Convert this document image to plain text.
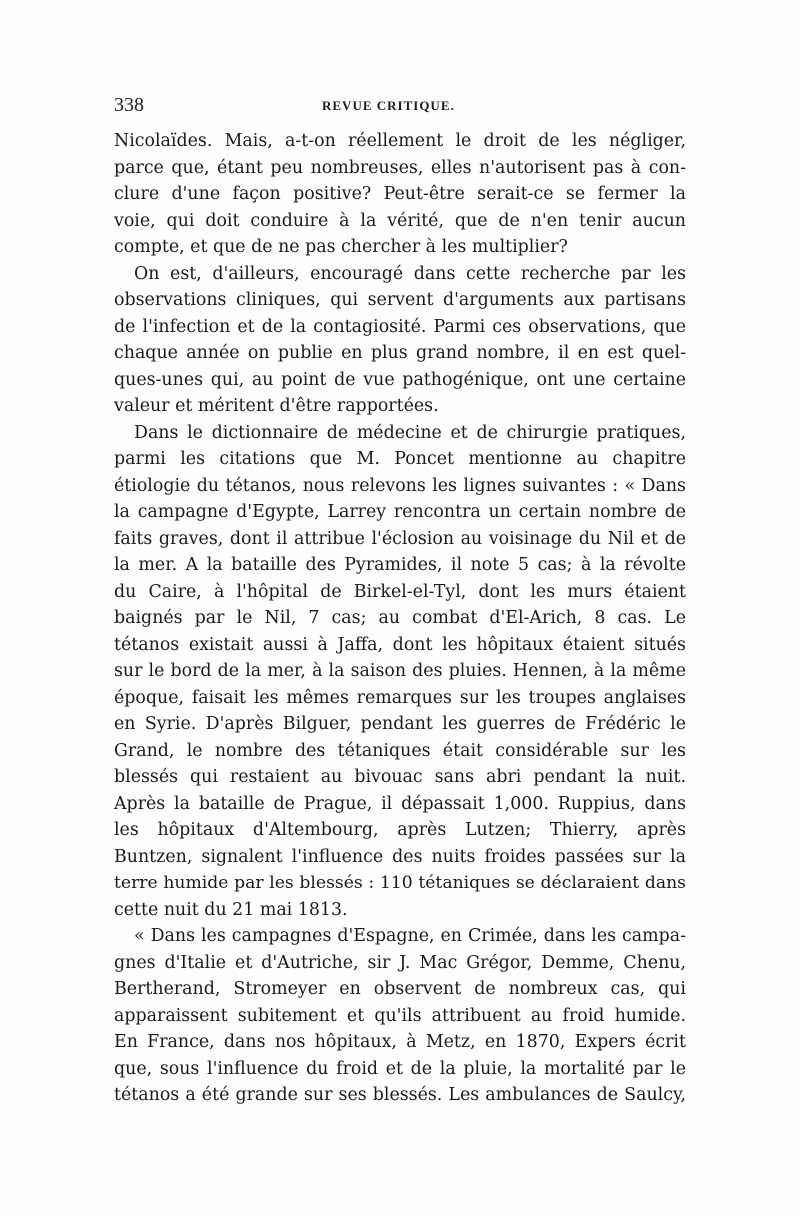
338	REVUE CRITIQUE.
Nicolaïdes. Mais, a-t-on réellement le droit de les négliger,
parce que, étant peu nombreuses, elles n'autorisent pas à con-
clure d'une façon positive? Peut-être serait-ce se fermer la
voie, qui doit conduire à la vérité, que de n'en tenir aucun
compte, et que de ne pas chercher à les multiplier?
On est, d'ailleurs, encouragé dans cette recherche par les
observations cliniques, qui servent d'arguments aux partisans
de l'infection et de la contagiosité. Parmi ces observations, que
chaque année on publie en plus grand nombre, il en est quel-
ques-unes qui, au point de vue pathogénique, ont une certaine
valeur et méritent d'être rapportées.
Dans le dictionnaire de médecine et de chirurgie pratiques,
parmi les citations que M. Poncet mentionne au chapitre
étiologie du tétanos, nous relevons les lignes suivantes : « Dans
la campagne d'Egypte, Larrey rencontra un certain nombre de
faits graves, dont il attribue l'éclosion au voisinage du Nil et de
la mer. A la bataille des Pyramides, il note 5 cas; à la révolte
du Caire, à l'hôpital de Birkel-el-Tyl, dont les murs étaient
baignés par le Nil, 7 cas; au combat d'El-Arich, 8 cas. Le
tétanos existait aussi à Jaffa, dont les hôpitaux étaient situés
sur le bord de la mer, à la saison des pluies. Hennen, à la même
époque, faisait les mêmes remarques sur les troupes anglaises
en Syrie. D'après Bilguer, pendant les guerres de Frédéric le
Grand, le nombre des tétaniques était considérable sur les
blessés qui restaient au bivouac sans abri pendant la nuit.
Après la bataille de Prague, il dépassait 1,000. Ruppius, dans
les hôpitaux d'Altembourg, après Lutzen; Thierry, après
Buntzen, signalent l'influence des nuits froides passées sur la
terre humide par les blessés : 110 tétaniques se déclaraient dans
cette nuit du 21 mai 1813.
« Dans les campagnes d'Espagne, en Crimée, dans les campa-
gnes d'Italie et d'Autriche, sir J. Mac Grégor, Demme, Chenu,
Bertherand, Stromeyer en observent de nombreux cas, qui
apparaissent subitement et qu'ils attribuent au froid humide.
En France, dans nos hôpitaux, à Metz, en 1870, Expers écrit
que, sous l'influence du froid et de la pluie, la mortalité par le
tétanos a été grande sur ses blessés. Les ambulances de Saulcy,
